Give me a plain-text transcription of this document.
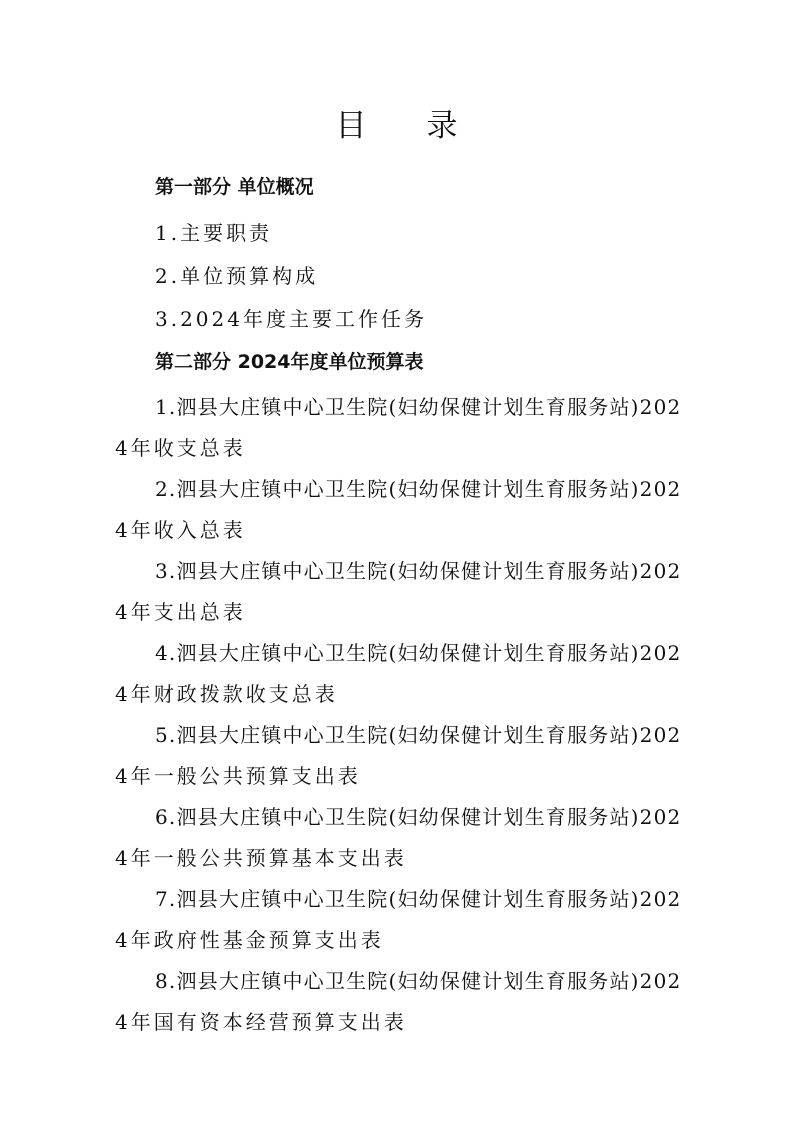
目录
第一部分 单位概况
1.主要职责
2.单位预算构成
3.2024年度主要工作任务
第二部分 2024年度单位预算表
1.泗县大庄镇中心卫生院(妇幼保健计划生育服务站)202
4年收支总表
2.泗县大庄镇中心卫生院(妇幼保健计划生育服务站)202
4年收入总表
3.泗县大庄镇中心卫生院(妇幼保健计划生育服务站)202
4年支出总表
4.泗县大庄镇中心卫生院(妇幼保健计划生育服务站)202
4年财政拨款收支总表
5.泗县大庄镇中心卫生院(妇幼保健计划生育服务站)202
4年一般公共预算支出表
6.泗县大庄镇中心卫生院(妇幼保健计划生育服务站)202
4年一般公共预算基本支出表
7.泗县大庄镇中心卫生院(妇幼保健计划生育服务站)202
4年政府性基金预算支出表
8.泗县大庄镇中心卫生院(妇幼保健计划生育服务站)202
4年国有资本经营预算支出表
